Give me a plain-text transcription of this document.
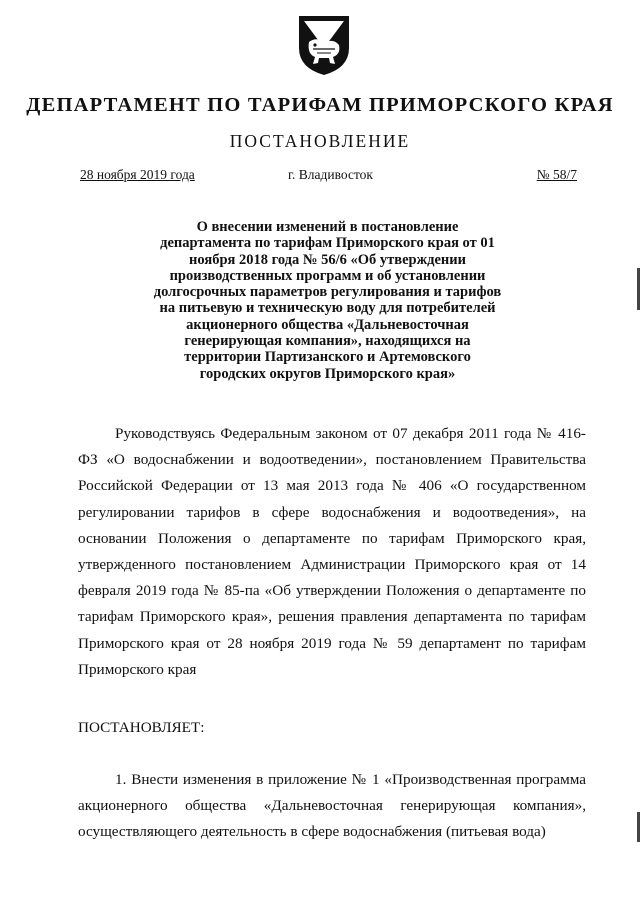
ДЕПАРТАМЕНТ ПО ТАРИФАМ ПРИМОРСКОГО КРАЯ
ПОСТАНОВЛЕНИЕ
28 ноября 2019 года	г. Владивосток	№ 58/7
О внесении изменений в постановление департамента по тарифам Приморского края от 01 ноября 2018 года № 56/6 «Об утверждении производственных программ и об установлении долгосрочных параметров регулирования и тарифов на питьевую и техническую воду для потребителей акционерного общества «Дальневосточная генерирующая компания», находящихся на территории Партизанского и Артемовского городских округов Приморского края»
Руководствуясь Федеральным законом от 07 декабря 2011 года № 416-ФЗ «О водоснабжении и водоотведении», постановлением Правительства Российской Федерации от 13 мая 2013 года № 406 «О государственном регулировании тарифов в сфере водоснабжения и водоотведения», на основании Положения о департаменте по тарифам Приморского края, утвержденного постановлением Администрации Приморского края от 14 февраля 2019 года № 85-па «Об утверждении Положения о департаменте по тарифам Приморского края», решения правления департамента по тарифам Приморского края от 28 ноября 2019 года № 59 департамент по тарифам Приморского края
ПОСТАНОВЛЯЕТ:
1. Внести изменения в приложение № 1 «Производственная программа акционерного общества «Дальневосточная генерирующая компания», осуществляющего деятельность в сфере водоснабжения (питьевая вода)
